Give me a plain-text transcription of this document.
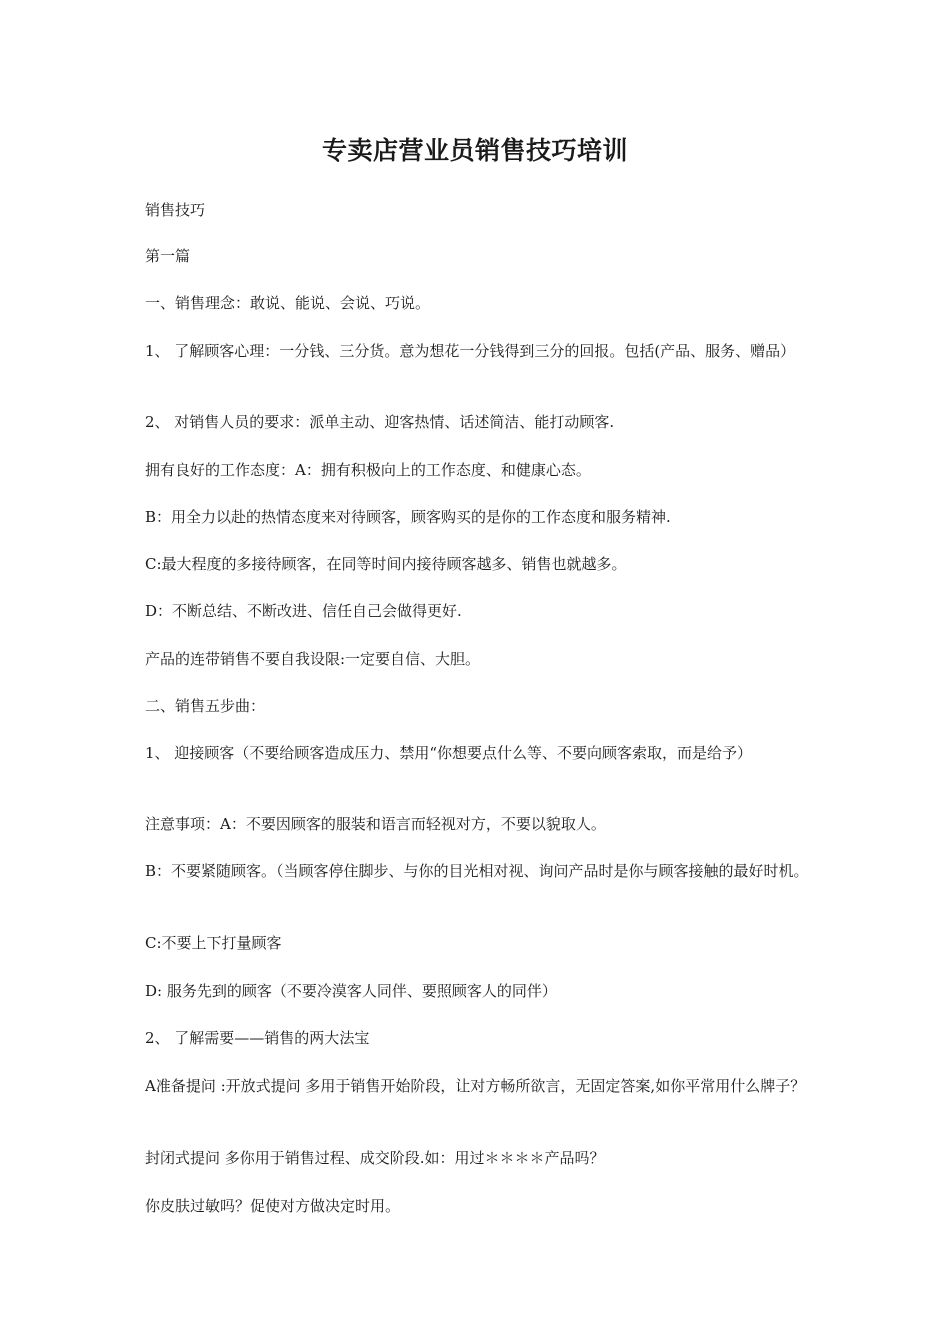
专卖店营业员销售技巧培训
销售技巧
第一篇
一、销售理念：敢说、能说、会说、巧说。
1、 了解顾客心理：一分钱、三分货。意为想花一分钱得到三分的回报。包括(产品、服务、赠品）
2、 对销售人员的要求：派单主动、迎客热情、话述简洁、能打动顾客.
拥有良好的工作态度：A：拥有积极向上的工作态度、和健康心态。
B：用全力以赴的热情态度来对待顾客，顾客购买的是你的工作态度和服务精神.
C:最大程度的多接待顾客，在同等时间内接待顾客越多、销售也就越多。
D：不断总结、不断改进、信任自己会做得更好.
产品的连带销售不要自我设限:一定要自信、大胆。
二、销售五步曲：
1、 迎接顾客（不要给顾客造成压力、禁用“你想要点什么等、不要向顾客索取，而是给予）
注意事项：A：不要因顾客的服装和语言而轻视对方，不要以貌取人。
B：不要紧随顾客。（当顾客停住脚步、与你的目光相对视、询问产品时是你与顾客接触的最好时机。
C:不要上下打量顾客
D: 服务先到的顾客（不要冷漠客人同伴、要照顾客人的同伴）
2、 了解需要——销售的两大法宝
A准备提问 :开放式提问 多用于销售开始阶段，让对方畅所欲言，无固定答案,如你平常用什么牌子？
封闭式提问 多你用于销售过程、成交阶段.如：用过＊＊＊＊产品吗？
你皮肤过敏吗？促使对方做决定时用。
